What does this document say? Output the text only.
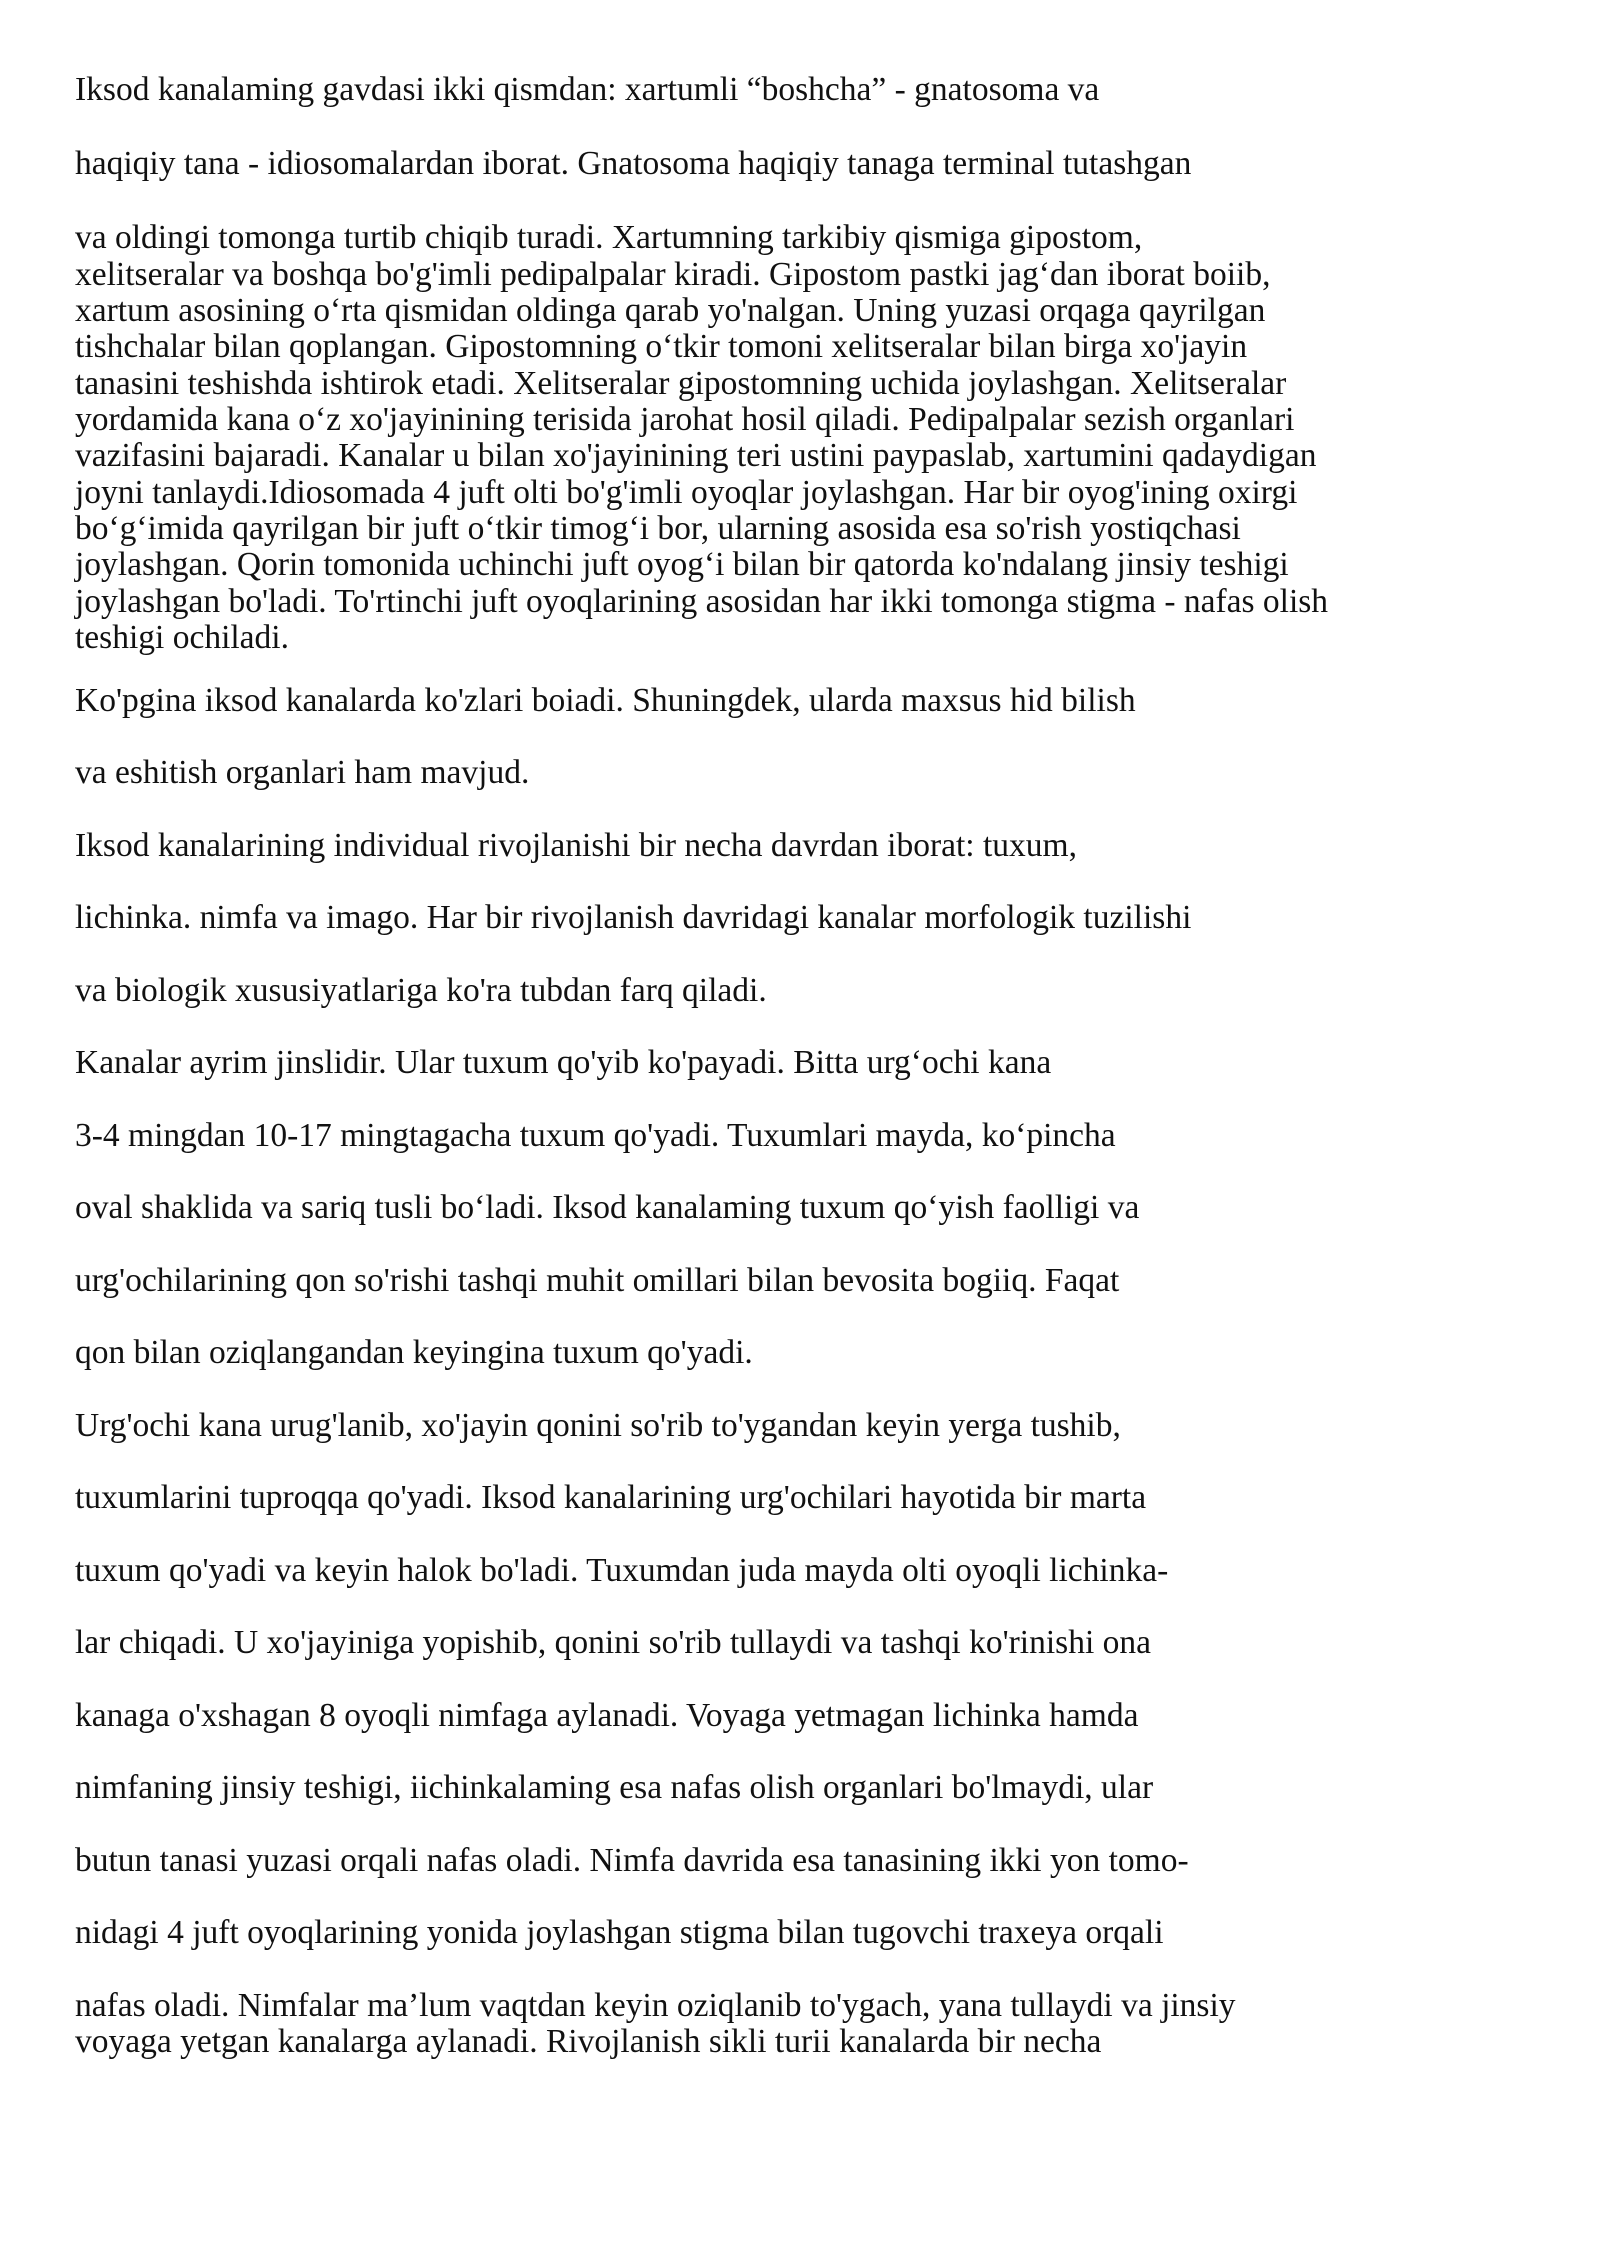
Iksod kanalaming gavdasi ikki qismdan: xartumli “boshcha” - gnatosoma va

haqiqiy tana - idiosomalardan iborat. Gnatosoma haqiqiy tanaga terminal tutashgan

va oldingi tomonga turtib chiqib turadi. Xartumning tarkibiy qismiga gipostom,

xelitseralar va boshqa bo'g'imli pedipalpalar kiradi. Gipostom pastki jag‘dan iborat boiib,

xartum asosining o‘rta qismidan oldinga qarab yo'nalgan. Uning yuzasi orqaga qayrilgan

tishchalar bilan qoplangan. Gipostomning o‘tkir tomoni xelitseralar bilan birga xo'jayin

tanasini teshishda ishtirok etadi. Xelitseralar gipostomning uchida joylashgan. Xelitseralar

yordamida kana o‘z xo'jayinining terisida jarohat hosil qiladi. Pedipalpalar sezish organlari

vazifasini bajaradi. Kanalar u bilan xo'jayinining teri ustini paypaslab, xartumini qadaydigan

joyni tanlaydi.Idiosomada 4 juft olti bo'g'imli oyoqlar joylashgan. Har bir oyog'ining oxirgi

bo‘g‘imida qayrilgan bir juft o‘tkir timog‘i bor, ularning asosida esa so'rish yostiqchasi

joylashgan. Qorin tomonida uchinchi juft oyog‘i bilan bir qatorda ko'ndalang jinsiy teshigi

joylashgan bo'ladi. To'rtinchi juft oyoqlarining asosidan har ikki tomonga stigma - nafas olish

teshigi ochiladi.

Ko'pgina iksod kanalarda ko'zlari boiadi. Shuningdek, ularda maxsus hid bilish

va eshitish organlari ham mavjud.

Iksod kanalarining individual rivojlanishi bir necha davrdan iborat: tuxum,

lichinka. nimfa va imago. Har bir rivojlanish davridagi kanalar morfologik tuzilishi

va biologik xususiyatlariga ko'ra tubdan farq qiladi.

Kanalar ayrim jinslidir. Ular tuxum qo'yib ko'payadi. Bitta urg‘ochi kana

3-4 mingdan 10-17 mingtagacha tuxum qo'yadi. Tuxumlari mayda, ko‘pincha

oval shaklida va sariq tusli bo‘ladi. Iksod kanalaming tuxum qo‘yish faolligi va

urg'ochilarining qon so'rishi tashqi muhit omillari bilan bevosita bogiiq. Faqat

qon bilan oziqlangandan keyingina tuxum qo'yadi.

Urg'ochi kana urug'lanib, xo'jayin qonini so'rib to'ygandan keyin yerga tushib,

tuxumlarini tuproqqa qo'yadi. Iksod kanalarining urg'ochilari hayotida bir marta

tuxum qo'yadi va keyin halok bo'ladi. Tuxumdan juda mayda olti oyoqli lichinka-

lar chiqadi. U xo'jayiniga yopishib, qonini so'rib tullaydi va tashqi ko'rinishi ona

kanaga o'xshagan 8 oyoqli nimfaga aylanadi. Voyaga yetmagan lichinka hamda

nimfaning jinsiy teshigi, iichinkalaming esa nafas olish organlari bo'lmaydi, ular

butun tanasi yuzasi orqali nafas oladi. Nimfa davrida esa tanasining ikki yon tomo-

nidagi 4 juft oyoqlarining yonida joylashgan stigma bilan tugovchi traxeya orqali

nafas oladi. Nimfalar ma’lum vaqtdan keyin oziqlanib to'ygach, yana tullaydi va jinsiy

voyaga yetgan kanalarga aylanadi. Rivojlanish sikli turii kanalarda bir necha
